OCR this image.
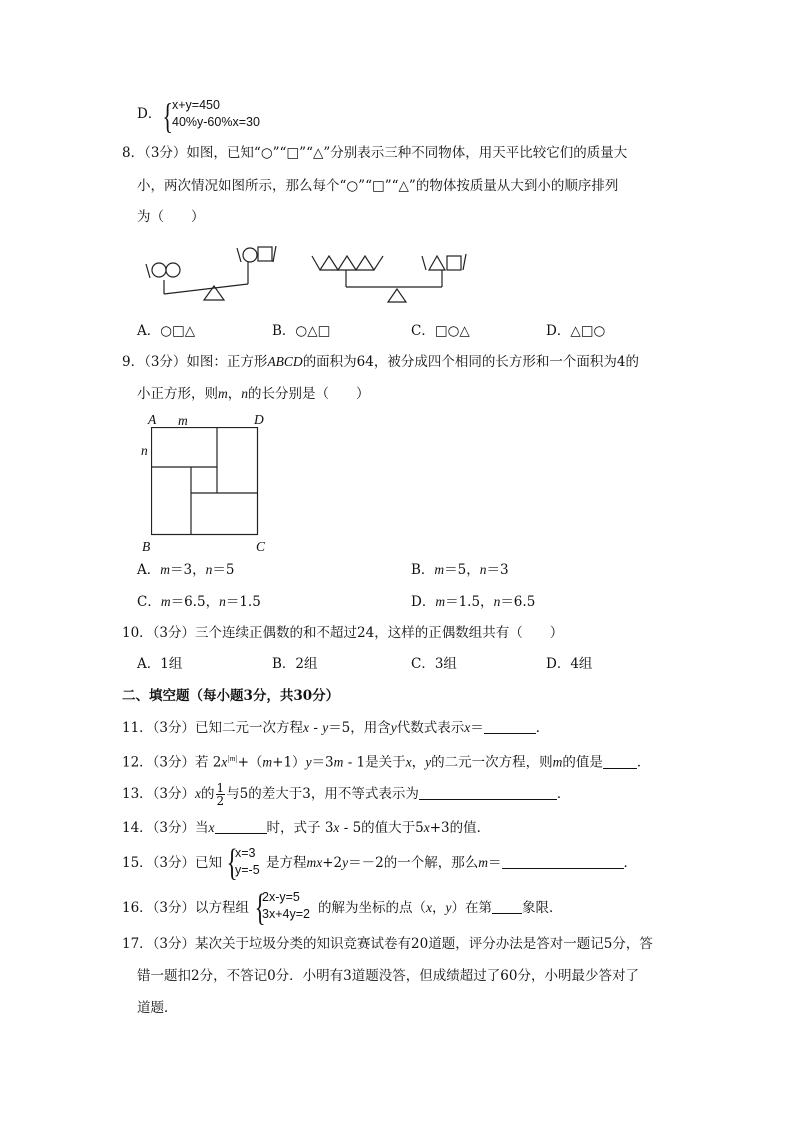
D． { x+y=450
40%y-60%x=30
8．（3分）如图，已知“○”“□”“△”分别表示三种不同物体，用天平比较它们的质量大
小，两次情况如图所示，那么每个“○”“□”“△”的物体按质量从大到小的顺序排列
为（　　）
A．○□△	B．○△□	C．□○△	D．△□○
9．（3分）如图：正方形ABCD的面积为64，被分成四个相同的长方形和一个面积为4的
小正方形，则m，n的长分别是（　　）
A m	D
n
B	C
A．m＝3，n＝5	B．m＝5，n＝3
C．m＝6.5，n＝1.5	D．m＝1.5，n＝6.5
10．（3分）三个连续正偶数的和不超过24，这样的正偶数组共有（　　）
A．1组	B．2组	C．3组	D．4组
二、填空题（每小题3分，共30分）
11．（3分）已知二元一次方程x - y＝5，用含y代数式表示x＝	．
12．（3分）若 $2x^{|m|}+(m+1)y=3m - 1$是关于x，y的二元一次方程，则m的值是	．
13．（3分）x的 $\frac{1}{2}$ 与5的差大于3，用不等式表示为	．
14．（3分）当x	时，式子 3x - 5的值大于5x+3的值．
15．（3分）已知 {
x=3
y=-5 是方程mx+2y＝－2的一个解，那么m＝	．
16．（3分）以方程组 {
2x-y=5
3x+4y=2 的解为坐标的点（x，y）在第 象限．
17．（3分）某次关于垃圾分类的知识竞赛试卷有20道题，评分办法是答对一题记5分，答
错一题扣2分，不答记0分．小明有3道题没答，但成绩超过了60分，小明最少答对了
道题．
